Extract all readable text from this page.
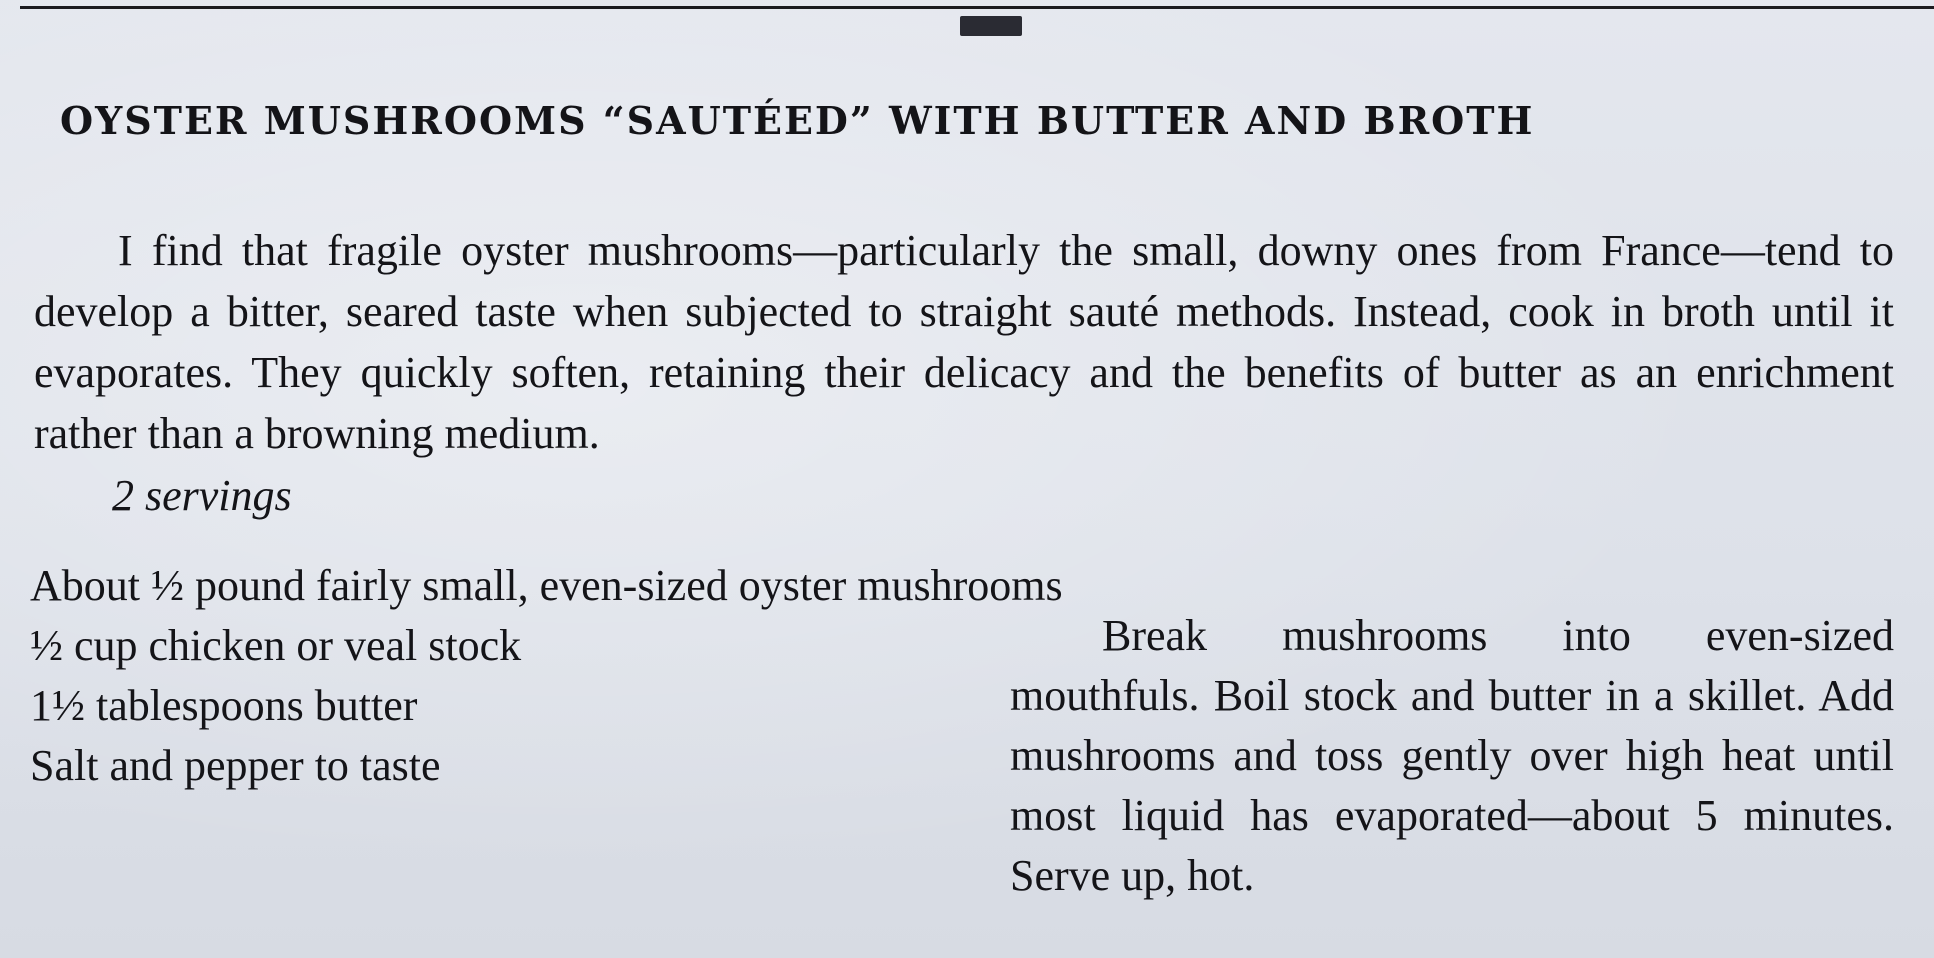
OYSTER MUSHROOMS “SAUTÉED” WITH BUTTER AND BROTH

I find that fragile oyster mushrooms—particularly the small, downy ones from France—tend to develop a bitter, seared taste when subjected to straight sauté methods. Instead, cook in broth until it evaporates. They quickly soften, retaining their delicacy and the benefits of butter as an enrichment rather than a browning medium.

2 servings

About ½ pound fairly small, even-sized oyster mushrooms
½ cup chicken or veal stock
1½ tablespoons butter
Salt and pepper to taste

Break mushrooms into even-sized mouthfuls. Boil stock and butter in a skillet. Add mushrooms and toss gently over high heat until most liquid has evaporated—about 5 minutes. Serve up, hot.
